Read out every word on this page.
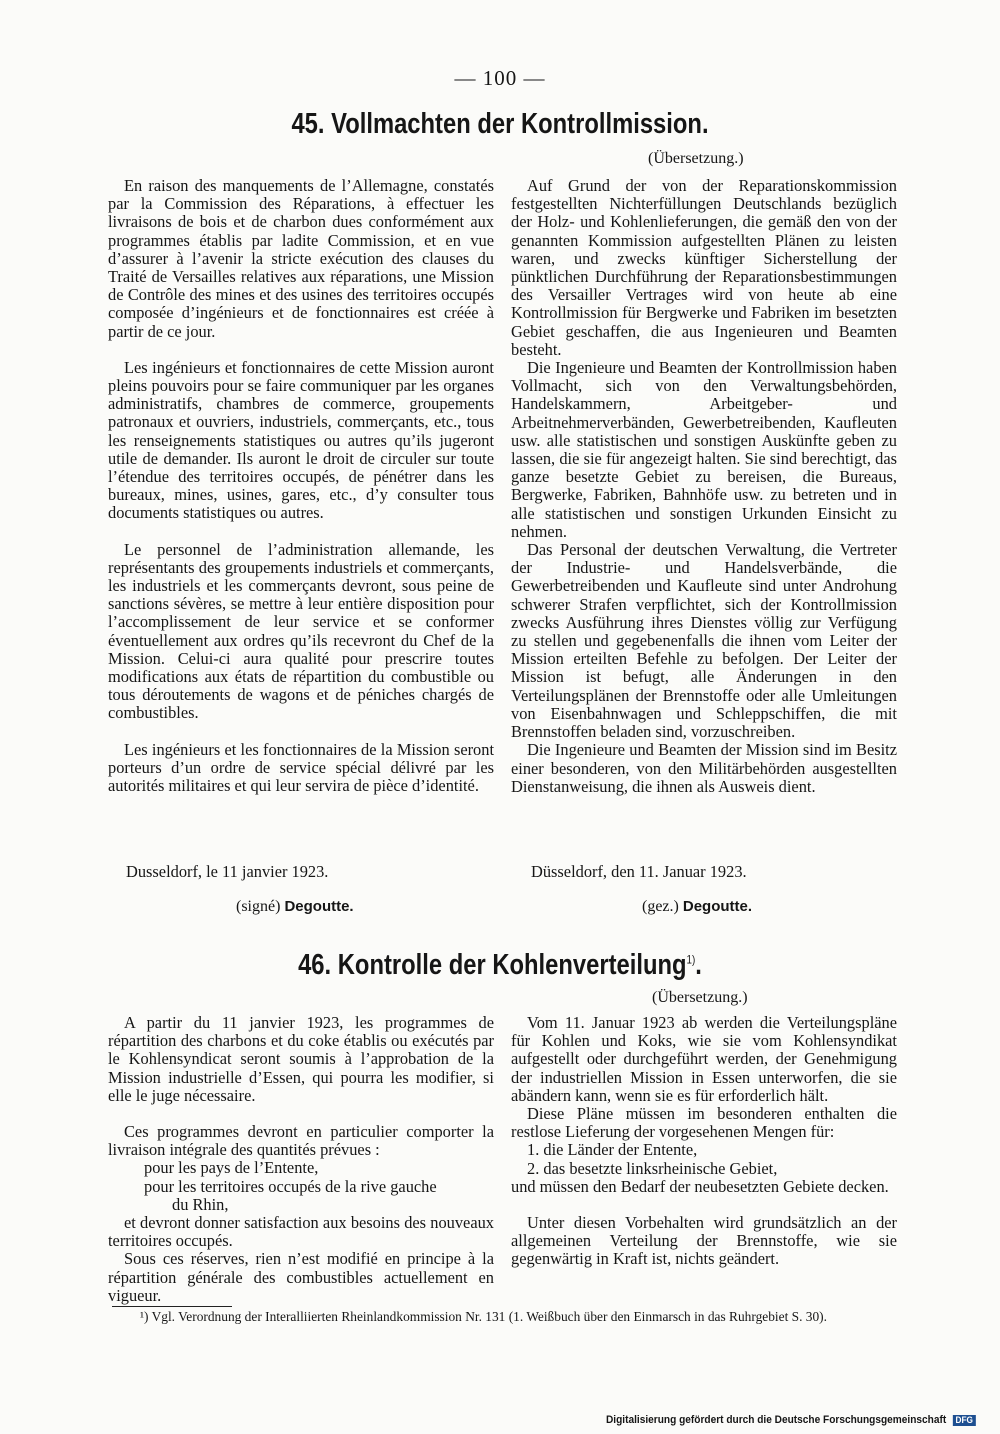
— 100 —
45. Vollmachten der Kontrollmission.
(Übersetzung.)

En raison des manquements de l’Allemagne, constatés par la Commission des Réparations, à effectuer les livraisons de bois et de charbon dues conformément aux programmes établis par ladite Commission, et en vue d’assurer à l’avenir la stricte exécution des clauses du Traité de Versailles relatives aux réparations, une Mission de Contrôle des mines et des usines des territoires occupés composée d’ingénieurs et de fonctionnaires est créée à partir de ce jour.

Les ingénieurs et fonctionnaires de cette Mission auront pleins pouvoirs pour se faire communiquer par les organes administratifs, chambres de commerce, groupements patronaux et ouvriers, industriels, commerçants, etc., tous les renseignements statistiques ou autres qu’ils jugeront utile de demander. Ils auront le droit de circuler sur toute l’étendue des territoires occupés, de pénétrer dans les bureaux, mines, usines, gares, etc., d’y consulter tous documents statistiques ou autres.

Le personnel de l’administration allemande, les représentants des groupements industriels et commerçants, les industriels et les commerçants devront, sous peine de sanctions sévères, se mettre à leur entière disposition pour l’accomplissement de leur service et se conformer éventuellement aux ordres qu’ils recevront du Chef de la Mission. Celui-ci aura qualité pour prescrire toutes modifications aux états de répartition du combustible ou tous déroutements de wagons et de péniches chargés de combustibles.

Les ingénieurs et les fonctionnaires de la Mission seront porteurs d’un ordre de service spécial délivré par les autorités militaires et qui leur servira de pièce d’identité.

Auf Grund der von der Reparationskommission festgestellten Nichterfüllungen Deutschlands bezüglich der Holz- und Kohlenlieferungen, die gemäß den von der genannten Kommission aufgestellten Plänen zu leisten waren, und zwecks künftiger Sicherstellung der pünktlichen Durchführung der Reparationsbestimmungen des Versailler Vertrages wird von heute ab eine Kontrollmission für Bergwerke und Fabriken im besetzten Gebiet geschaffen, die aus Ingenieuren und Beamten besteht.

Die Ingenieure und Beamten der Kontrollmission haben Vollmacht, sich von den Verwaltungsbehörden, Handelskammern, Arbeitgeber- und Arbeitnehmerverbänden, Gewerbetreibenden, Kaufleuten usw. alle statistischen und sonstigen Auskünfte geben zu lassen, die sie für angezeigt halten. Sie sind berechtigt, das ganze besetzte Gebiet zu bereisen, die Bureaus, Bergwerke, Fabriken, Bahnhöfe usw. zu betreten und in alle statistischen und sonstigen Urkunden Einsicht zu nehmen.

Das Personal der deutschen Verwaltung, die Vertreter der Industrie- und Handelsverbände, die Gewerbetreibenden und Kaufleute sind unter Androhung schwerer Strafen verpflichtet, sich der Kontrollmission zwecks Ausführung ihres Dienstes völlig zur Verfügung zu stellen und gegebenenfalls die ihnen vom Leiter der Mission erteilten Befehle zu befolgen. Der Leiter der Mission ist befugt, alle Änderungen in den Verteilungsplänen der Brennstoffe oder alle Umleitungen von Eisenbahnwagen und Schleppschiffen, die mit Brennstoffen beladen sind, vorzuschreiben.

Die Ingenieure und Beamten der Mission sind im Besitz einer besonderen, von den Militärbehörden ausgestellten Dienstanweisung, die ihnen als Ausweis dient.

Dusseldorf, le 11 janvier 1923.	Düsseldorf, den 11. Januar 1923.
(signé) Degoutte.	(gez.) Degoutte.
46. Kontrolle der Kohlenverteilung$^{1)}$.
(Übersetzung.)

A partir du 11 janvier 1923, les programmes de répartition des charbons et du coke établis ou exécutés par le Kohlensyndicat seront soumis à l’approbation de la Mission industrielle d’Essen, qui pourra les modifier, si elle le juge nécessaire.

Ces programmes devront en particulier comporter la livraison intégrale des quantités prévues :

pour les pays de l’Entente,

pour les territoires occupés de la rive gauche

du Rhin,

et devront donner satisfaction aux besoins des nouveaux territoires occupés.

Sous ces réserves, rien n’est modifié en principe à la répartition générale des combustibles actuellement en vigueur.

Vom 11. Januar 1923 ab werden die Verteilungspläne für Kohlen und Koks, wie sie vom Kohlensyndikat aufgestellt oder durchgeführt werden, der Genehmigung der industriellen Mission in Essen unterworfen, die sie abändern kann, wenn sie es für erforderlich hält.

Diese Pläne müssen im besonderen enthalten die restlose Lieferung der vorgesehenen Mengen für:

1. die Länder der Entente,

2. das besetzte linksrheinische Gebiet,

und müssen den Bedarf der neubesetzten Gebiete decken.

Unter diesen Vorbehalten wird grundsätzlich an der allgemeinen Verteilung der Brennstoffe, wie sie gegenwärtig in Kraft ist, nichts geändert.

¹) Vgl. Verordnung der Interalliierten Rheinlandkommission Nr. 131 (1. Weißbuch über den Einmarsch in das Ruhrgebiet S. 30).
Digitalisierung gefördert durch die Deutsche Forschungsgemeinschaft DFG
